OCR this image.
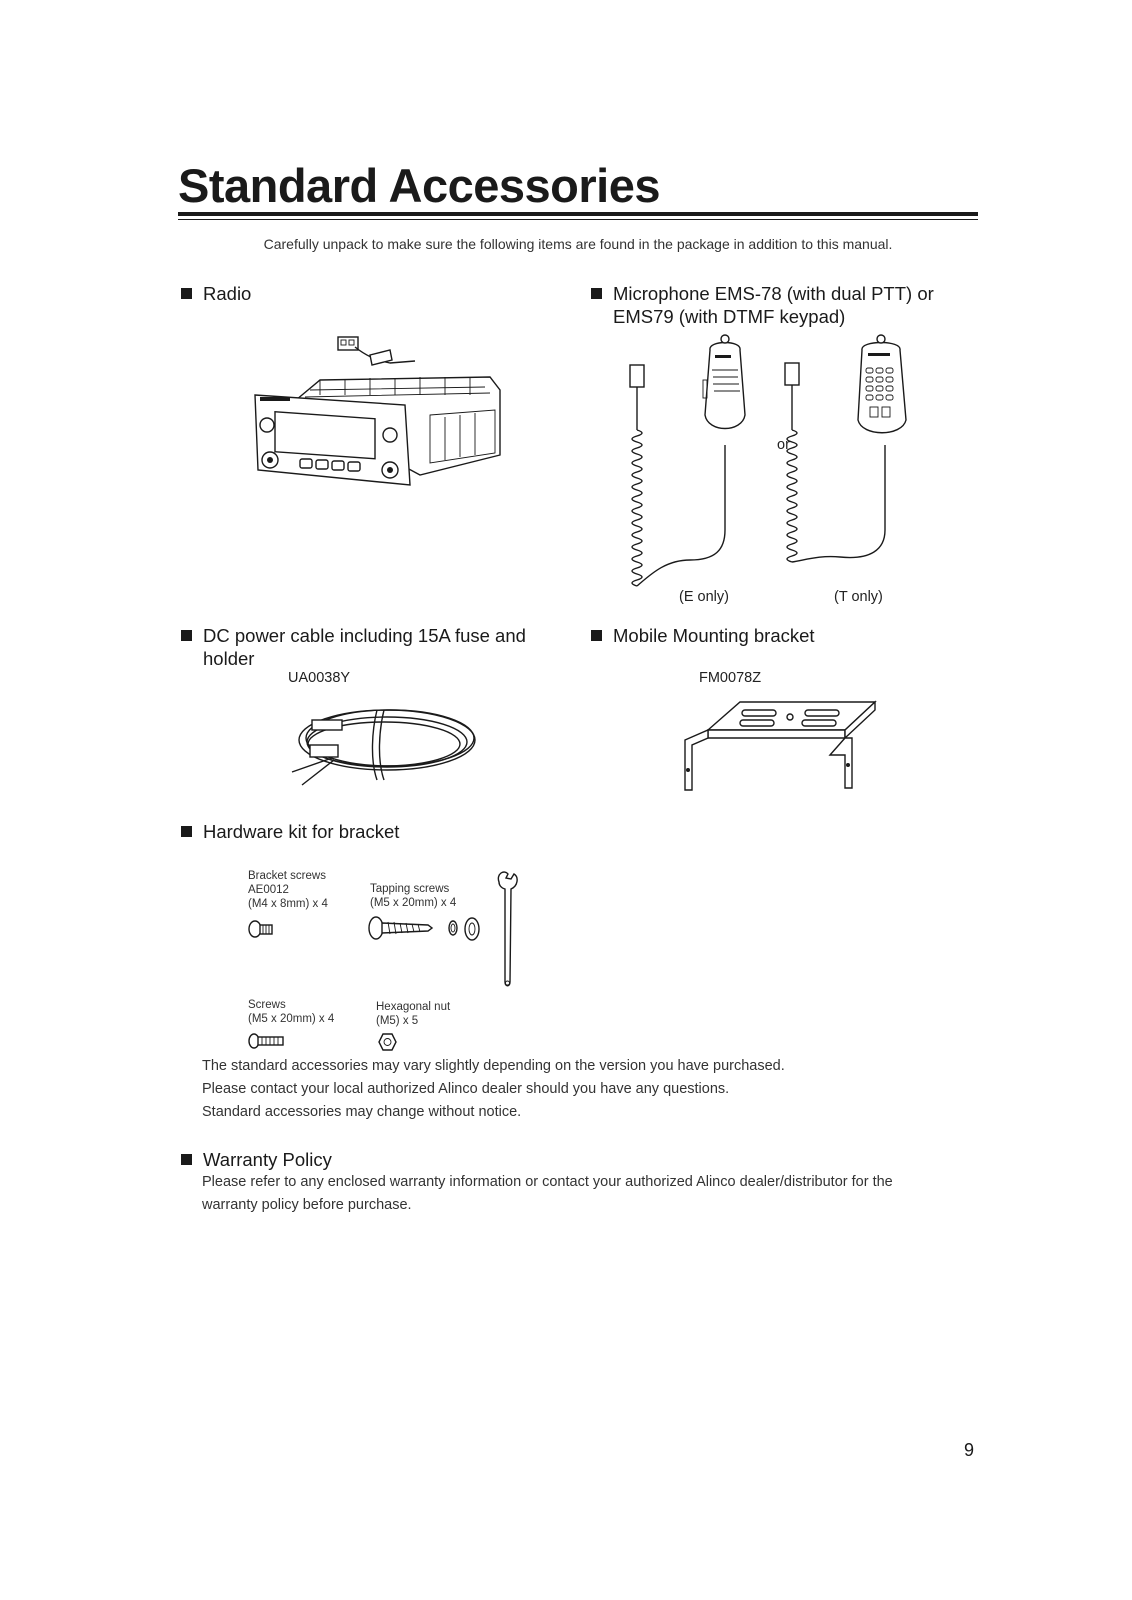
Standard Accessories
Carefully unpack to make sure the following items are found in the package in addition to this manual.
Radio	Microphone EMS-78 (with dual PTT) or EMS79 (with DTMF keypad)
or
(E only)	(T only)
DC power cable including 15A fuse and holder
UA0038Y
Mobile Mounting bracket
FM0078Z
Hardware kit for bracket
Bracket screws
AE0012
(M4 x 8mm) x 4
Tapping screws
(M5 x 20mm) x 4
Screws
(M5 x 20mm) x 4
Hexagonal nut
(M5) x 5
The standard accessories may vary slightly depending on the version you have purchased.
Please contact your local authorized Alinco dealer should you have any questions.
Standard accessories may change without notice.
Warranty Policy
Please refer to any enclosed warranty information or contact your authorized Alinco dealer/distributor for the
warranty policy before purchase.
9
